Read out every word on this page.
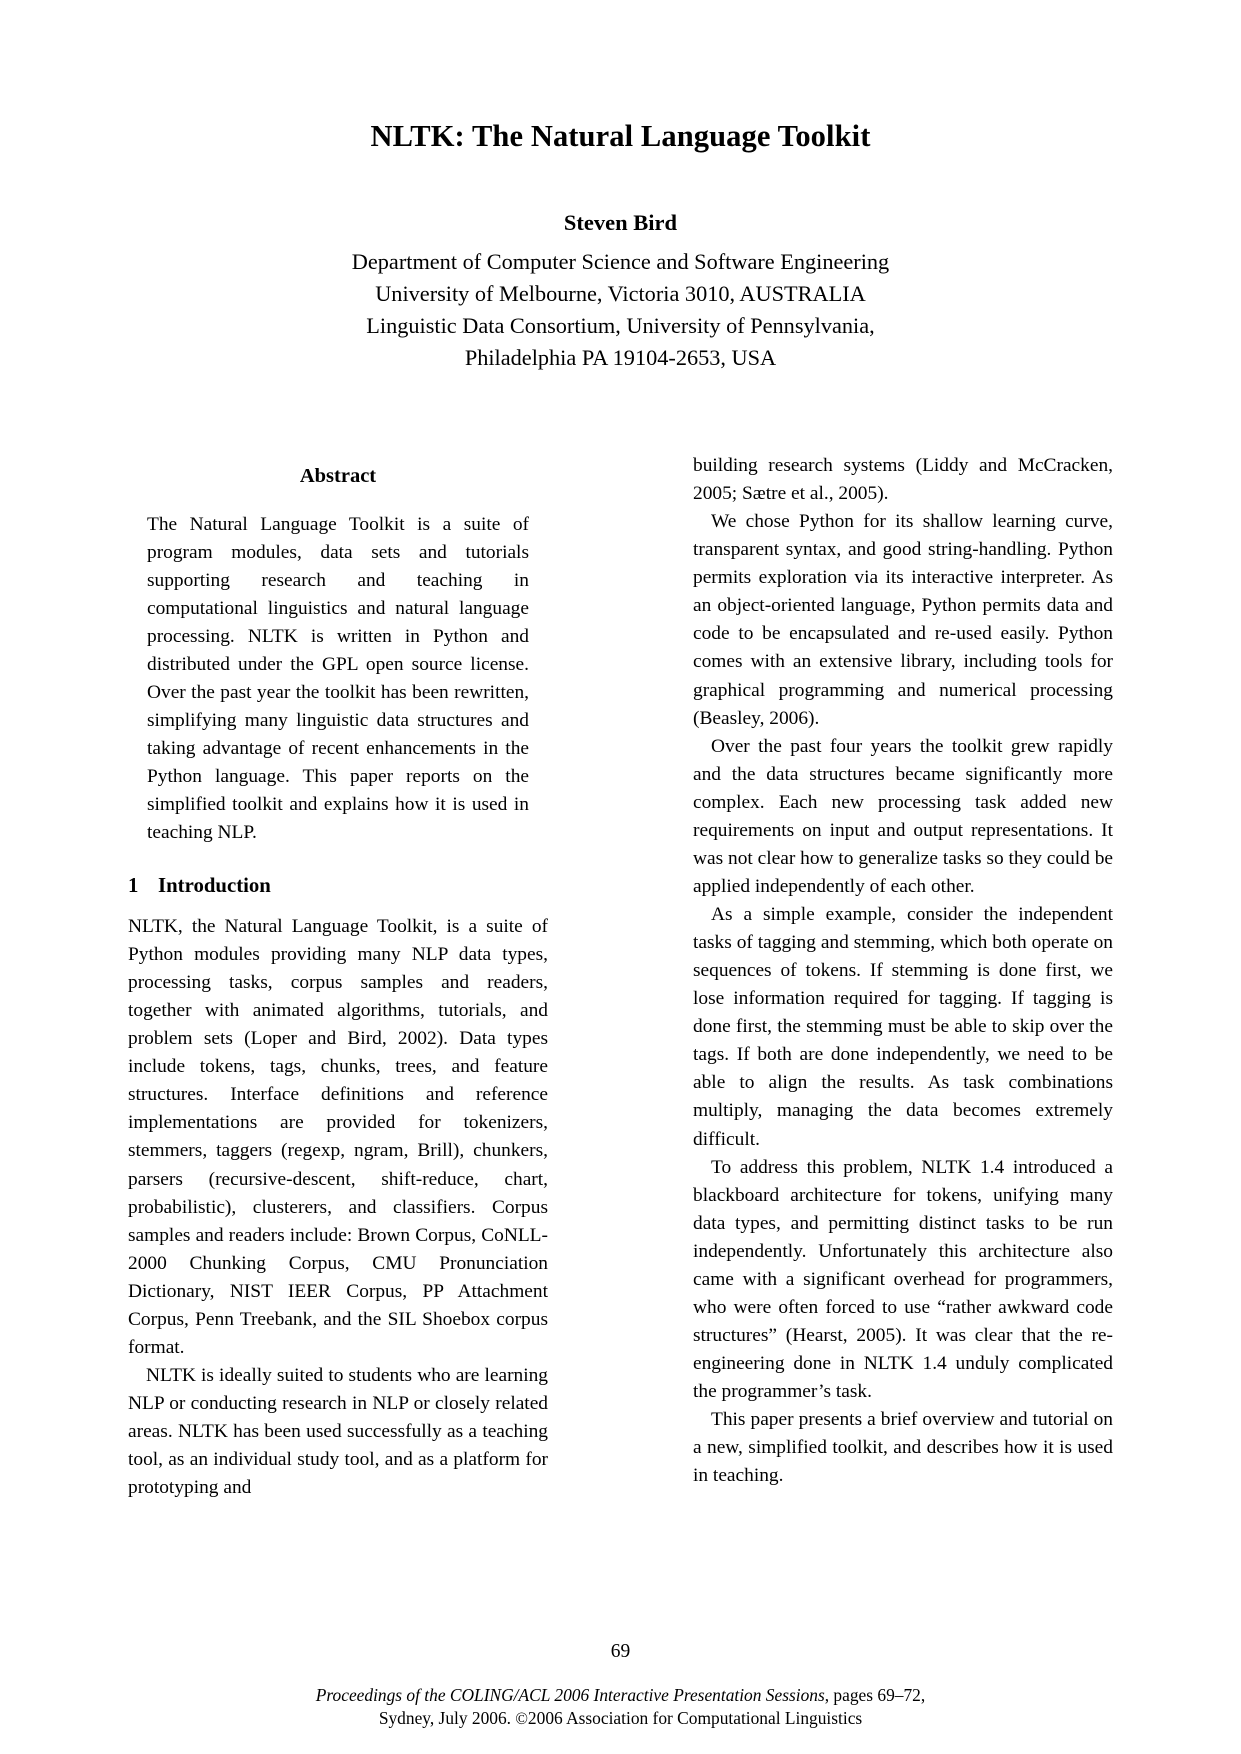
NLTK: The Natural Language Toolkit

Steven Bird

Department of Computer Science and Software Engineering

University of Melbourne, Victoria 3010, AUSTRALIA

Linguistic Data Consortium, University of Pennsylvania,

Philadelphia PA 19104-2653, USA

Abstract

The Natural Language Toolkit is a suite of program modules, data sets and tutorials supporting research and teaching in computational linguistics and natural language processing. NLTK is written in Python and distributed under the GPL open source license. Over the past year the toolkit has been rewritten, simplifying many linguistic data structures and taking advantage of recent enhancements in the Python language. This paper reports on the simplified toolkit and explains how it is used in teaching NLP.

1 Introduction

NLTK, the Natural Language Toolkit, is a suite of Python modules providing many NLP data types, processing tasks, corpus samples and readers, together with animated algorithms, tutorials, and problem sets (Loper and Bird, 2002). Data types include tokens, tags, chunks, trees, and feature structures. Interface definitions and reference implementations are provided for tokenizers, stemmers, taggers (regexp, ngram, Brill), chunkers, parsers (recursive-descent, shift-reduce, chart, probabilistic), clusterers, and classifiers. Corpus samples and readers include: Brown Corpus, CoNLL-2000 Chunking Corpus, CMU Pronunciation Dictionary, NIST IEER Corpus, PP Attachment Corpus, Penn Treebank, and the SIL Shoebox corpus format.

NLTK is ideally suited to students who are learning NLP or conducting research in NLP or closely related areas. NLTK has been used successfully as a teaching tool, as an individual study tool, and as a platform for prototyping and

building research systems (Liddy and McCracken, 2005; Sætre et al., 2005).

We chose Python for its shallow learning curve, transparent syntax, and good string-handling. Python permits exploration via its interactive interpreter. As an object-oriented language, Python permits data and code to be encapsulated and re-used easily. Python comes with an extensive library, including tools for graphical programming and numerical processing (Beasley, 2006).

Over the past four years the toolkit grew rapidly and the data structures became significantly more complex. Each new processing task added new requirements on input and output representations. It was not clear how to generalize tasks so they could be applied independently of each other.

As a simple example, consider the independent tasks of tagging and stemming, which both operate on sequences of tokens. If stemming is done first, we lose information required for tagging. If tagging is done first, the stemming must be able to skip over the tags. If both are done independently, we need to be able to align the results. As task combinations multiply, managing the data becomes extremely difficult.

To address this problem, NLTK 1.4 introduced a blackboard architecture for tokens, unifying many data types, and permitting distinct tasks to be run independently. Unfortunately this architecture also came with a significant overhead for programmers, who were often forced to use “rather awkward code structures” (Hearst, 2005). It was clear that the re-engineering done in NLTK 1.4 unduly complicated the programmer’s task.

This paper presents a brief overview and tutorial on a new, simplified toolkit, and describes how it is used in teaching.

69

Proceedings of the COLING/ACL 2006 Interactive Presentation Sessions, pages 69–72,

Sydney, July 2006. ©2006 Association for Computational Linguistics
